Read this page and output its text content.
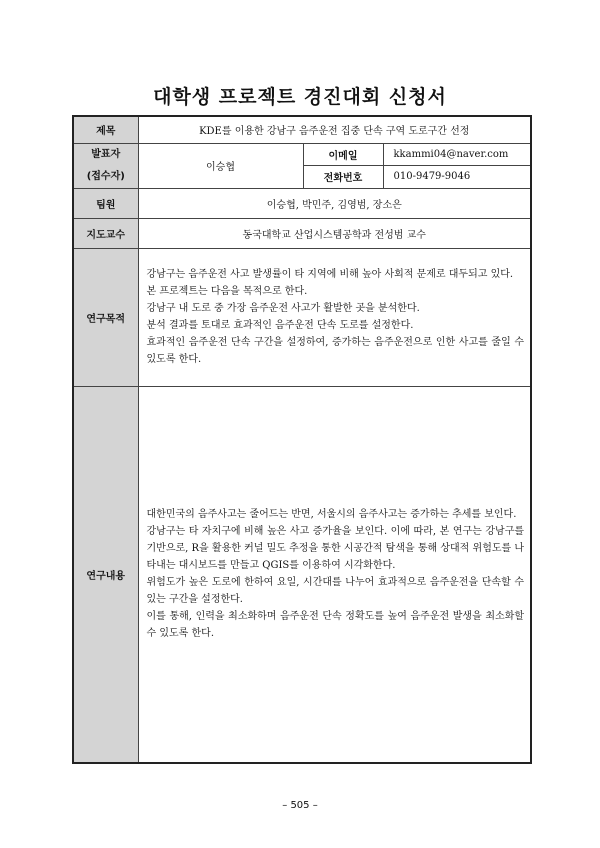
대학생 프로젝트 경진대회 신청서
제목	KDE를 이용한 강남구 음주운전 집중 단속 구역 도로구간 선정		

발표자
(접수자)	이승협	이메일	kkammi04@naver.com
		전화번호	010-9479-9046
팀원	이승협, 박민주, 김영범, 장소은		
지도교수	동국대학교 산업시스템공학과 전성범 교수		
연구목적	강남구는 음주운전 사고 발생률이 타 지역에 비해 높아 사회적 문제로 대두되고 있다.

본 프로젝트는 다음을 목적으로 한다.

강남구 내 도로 중 가장 음주운전 사고가 활발한 곳을 분석한다.

분석 결과를 토대로 효과적인 음주운전 단속 도로를 설정한다.

효과적인 음주운전 단속 구간을 설정하여, 증가하는 음주운전으로 인한 사고를 줄일 수 있도록 한다.		

연구내용	대한민국의 음주사고는 줄어드는 반면, 서울시의 음주사고는 증가하는 추세를 보인다.

강남구는 타 자치구에 비해 높은 사고 증가율을 보인다. 이에 따라, 본 연구는 강남구를 기반으로, R을 활용한 커널 밀도 추정을 통한 시공간적 탐색을 통해 상대적 위험도를 나타내는 대시보드를 만들고 QGIS를 이용하여 시각화한다.

위험도가 높은 도로에 한하여 요일, 시간대를 나누어 효과적으로 음주운전을 단속할 수 있는 구간을 설정한다.

이를 통해, 인력을 최소화하며 음주운전 단속 정확도를 높여 음주운전 발생을 최소화할 수 있도록 한다.		

– 505 –
